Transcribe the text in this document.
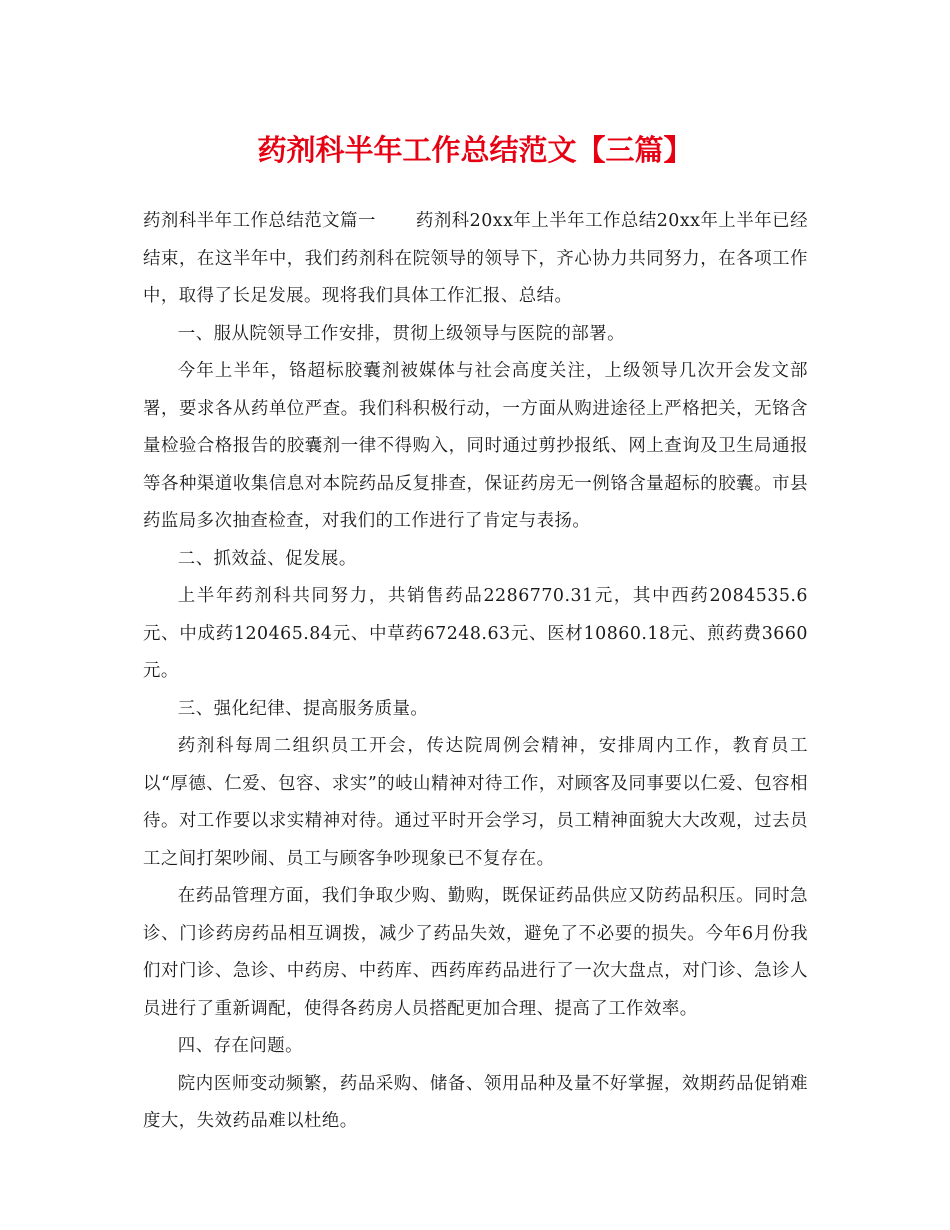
药剂科半年工作总结范文【三篇】

药剂科半年工作总结范文篇一 药剂科20xx年上半年工作总结20xx年上半年已经结束，在这半年中，我们药剂科在院领导的领导下，齐心协力共同努力，在各项工作中，取得了长足发展。现将我们具体工作汇报、总结。

一、服从院领导工作安排，贯彻上级领导与医院的部署。

今年上半年，铬超标胶囊剂被媒体与社会高度关注，上级领导几次开会发文部署，要求各从药单位严查。我们科积极行动，一方面从购进途径上严格把关，无铬含量检验合格报告的胶囊剂一律不得购入，同时通过剪抄报纸、网上查询及卫生局通报等各种渠道收集信息对本院药品反复排查，保证药房无一例铬含量超标的胶囊。市县药监局多次抽查检查，对我们的工作进行了肯定与表扬。

二、抓效益、促发展。

上半年药剂科共同努力，共销售药品2286770.31元，其中西药2084535.6元、中成药120465.84元、中草药67248.63元、医材10860.18元、煎药费3660元。

三、强化纪律、提高服务质量。

药剂科每周二组织员工开会，传达院周例会精神，安排周内工作，教育员工以“厚德、仁爱、包容、求实”的岐山精神对待工作，对顾客及同事要以仁爱、包容相待。对工作要以求实精神对待。通过平时开会学习，员工精神面貌大大改观，过去员工之间打架吵闹、员工与顾客争吵现象已不复存在。

在药品管理方面，我们争取少购、勤购，既保证药品供应又防药品积压。同时急诊、门诊药房药品相互调拨，减少了药品失效，避免了不必要的损失。今年6月份我们对门诊、急诊、中药房、中药库、西药库药品进行了一次大盘点，对门诊、急诊人员进行了重新调配，使得各药房人员搭配更加合理、提高了工作效率。

四、存在问题。

院内医师变动频繁，药品采购、储备、领用品种及量不好掌握，效期药品促销难度大，失效药品难以杜绝。
